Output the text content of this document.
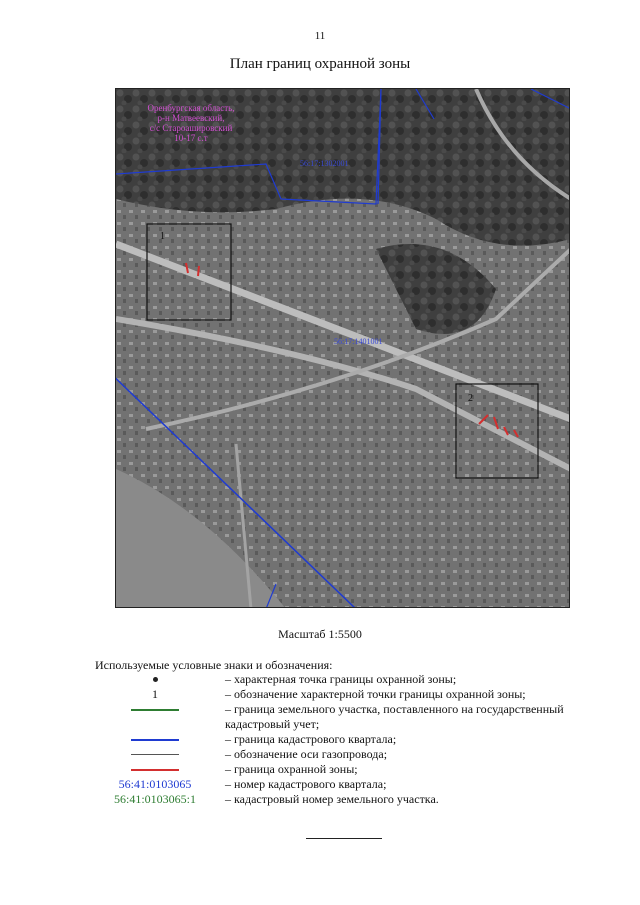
11
План границ охранной зоны
Оренбургская область,
р-н Матвеевский,
с/с Староашировский
10-17 с.т
56:17:1302001
56:17:1401001
1
2
Масштаб 1:5500
Используемые условные знаки и обозначения:
– характерная точка границы охранной зоны;
1	– обозначение характерной точки границы охранной зоны;
– граница земельного участка, поставленного на государственный кадастровый учет;
– граница кадастрового квартала;
– обозначение оси газопровода;
– граница охранной зоны;
56:41:0103065	– номер кадастрового квартала;
56:41:0103065:1	– кадастровый номер земельного участка.
